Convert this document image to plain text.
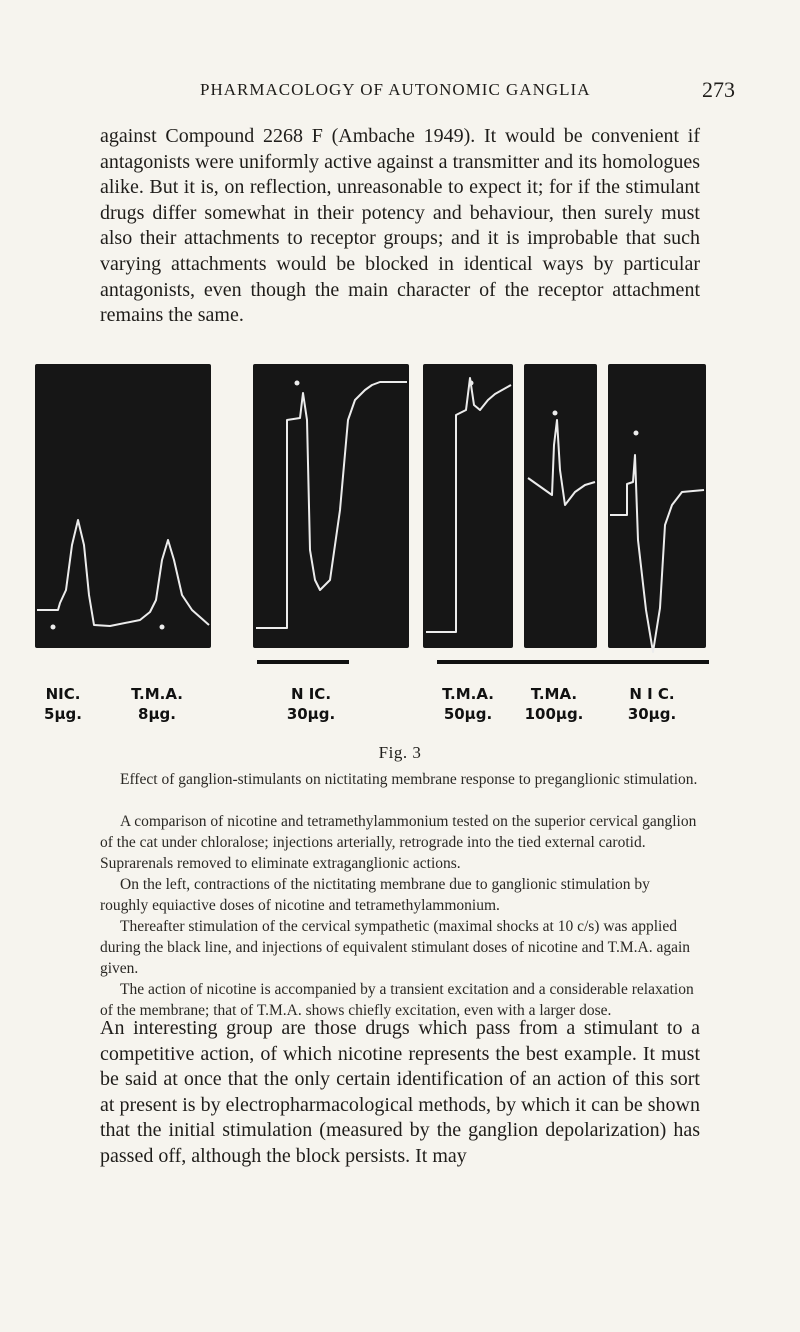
PHARMACOLOGY OF AUTONOMIC GANGLIA	273

against Compound 2268 F (Ambache 1949). It would be convenient if antagonists were uniformly active against a transmitter and its homologues alike. But it is, on reflection, unreasonable to expect it; for if the stimulant drugs differ somewhat in their potency and behaviour, then surely must also their attachments to receptor groups; and it is improbable that such varying attachments would be blocked in identical ways by particular antagonists, even though the main character of the receptor attachment remains the same.

NIC.
5µg.
T.M.A.
8µg.
N IC.
30µg.
T.M.A.
50µg.
T.MA.
100µg.
N I C.
30µg.
Fig. 3

Effect of ganglion-stimulants on nictitating membrane response to preganglionic stimulation.

A comparison of nicotine and tetramethylammonium tested on the superior cervical ganglion of the cat under chloralose; injections arterially, retrograde into the tied external carotid. Suprarenals removed to eliminate extraganglionic actions.

On the left, contractions of the nictitating membrane due to ganglionic stimulation by roughly equiactive doses of nicotine and tetramethylammonium.

Thereafter stimulation of the cervical sympathetic (maximal shocks at 10 c/s) was applied during the black line, and injections of equivalent stimulant doses of nicotine and T.M.A. again given.

The action of nicotine is accompanied by a transient excitation and a considerable relaxation of the membrane; that of T.M.A. shows chiefly excitation, even with a larger dose.

An interesting group are those drugs which pass from a stimulant to a competitive action, of which nicotine represents the best example. It must be said at once that the only certain identification of an action of this sort at present is by electropharmacological methods, by which it can be shown that the initial stimulation (measured by the ganglion depolarization) has passed off, although the block persists. It may
